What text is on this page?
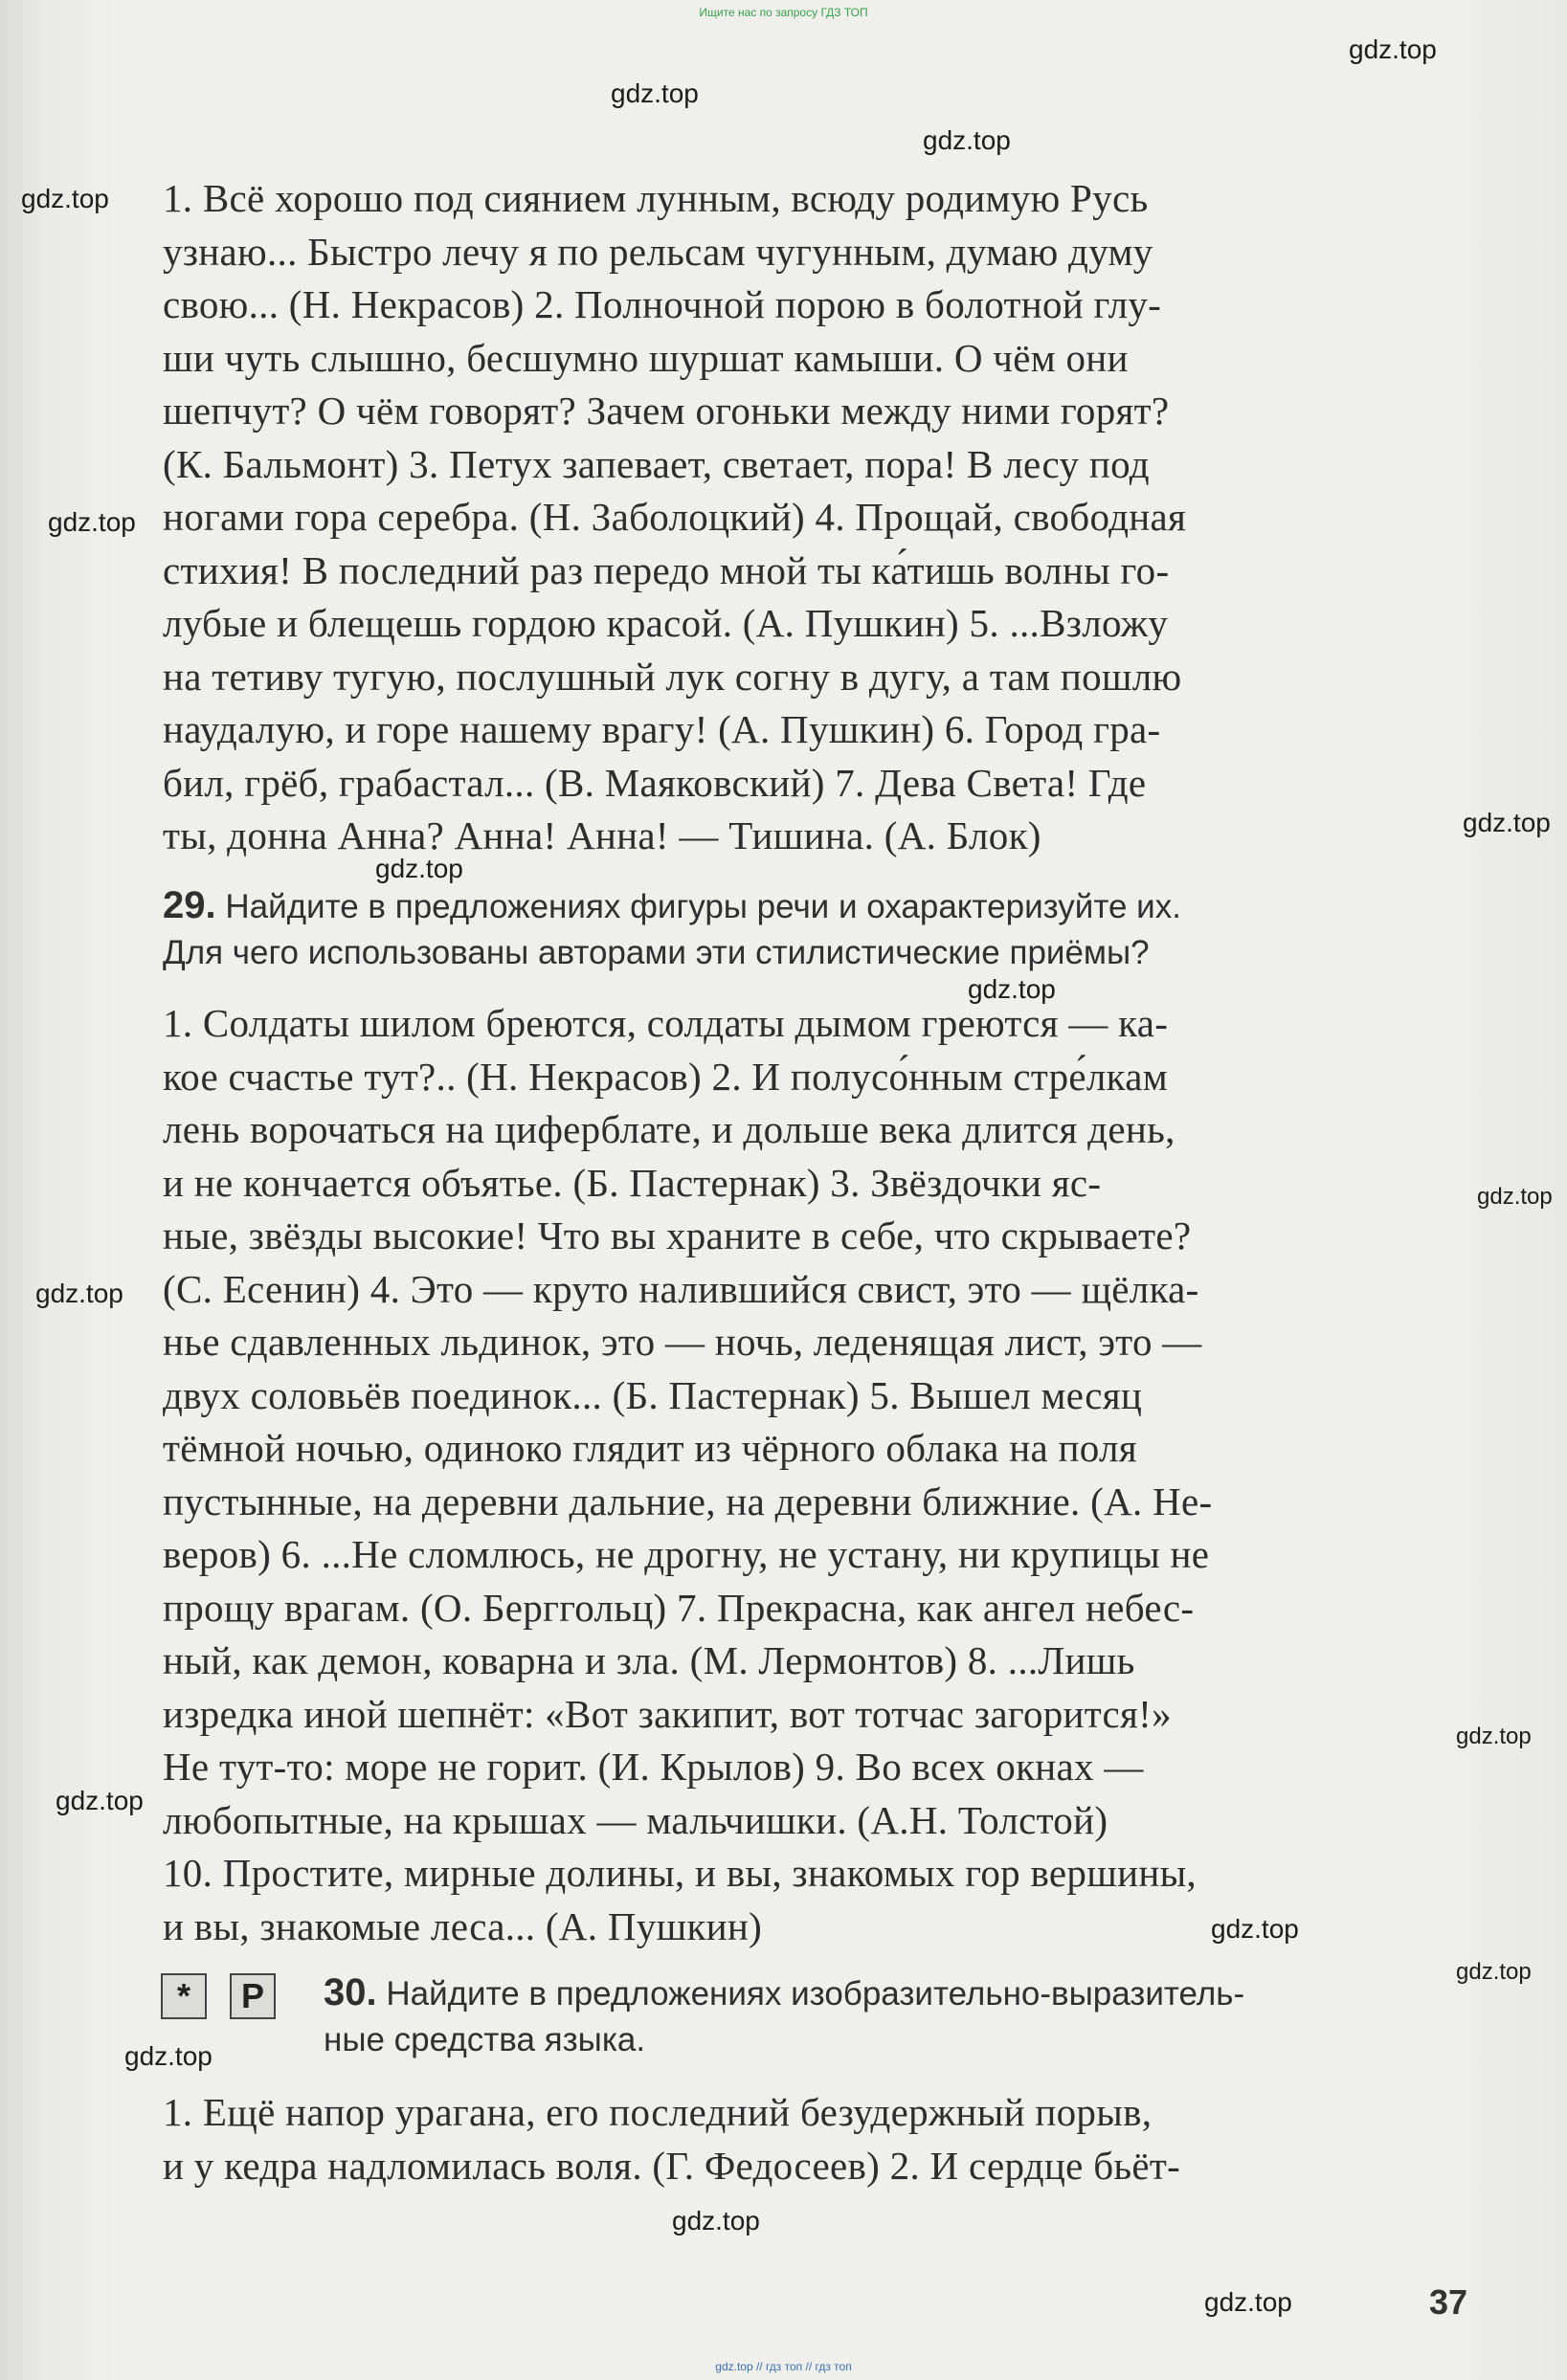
Ищите нас по запросу ГДЗ ТОП
gdz.top
gdz.top
gdz.top
gdz.top
gdz.top
gdz.top
gdz.top
gdz.top
gdz.top
gdz.top
gdz.top
gdz.top
gdz.top
gdz.top
gdz.top
gdz.top
gdz.top
1. Всё хорошо под сиянием лунным, всюду родимую Русь
узнаю... Быстро лечу я по рельсам чугунным, думаю думу
свою... (Н. Некрасов) 2. Полночной порою в болотной глу-
ши чуть слышно, бесшумно шуршат камыши. О чём они
шепчут? О чём говорят? Зачем огоньки между ними горят?
(К. Бальмонт) 3. Петух запевает, светает, пора! В лесу под
ногами гора серебра. (Н. Заболоцкий) 4. Прощай, свободная
стихия! В последний раз передо мной ты ка́тишь волны го-
лубые и блещешь гордою красой. (А. Пушкин) 5. ...Взложу
на тетиву тугую, послушный лук согну в дугу, а там пошлю
наудалую, и горе нашему врагу! (А. Пушкин) 6. Город гра-
бил, грёб, грабастал... (В. Маяковский) 7. Дева Света! Где
ты, донна Анна? Анна! Анна! — Тишина. (А. Блок)
29. Найдите в предложениях фигуры речи и охарактеризуйте их.
Для чего использованы авторами эти стилистические приёмы?
1. Солдаты шилом бреются, солдаты дымом греются — ка-
кое счастье тут?.. (Н. Некрасов) 2. И полусо́нным стре́лкам
лень ворочаться на циферблате, и дольше века длится день,
и не кончается объятье. (Б. Пастернак) 3. Звёздочки яс-
ные, звёзды высокие! Что вы храните в себе, что скрываете?
(С. Есенин) 4. Это — круто налившийся свист, это — щёлка-
нье сдавленных льдинок, это — ночь, леденящая лист, это —
двух соловьёв поединок... (Б. Пастернак) 5. Вышел месяц
тёмной ночью, одиноко глядит из чёрного облака на поля
пустынные, на деревни дальние, на деревни ближние. (А. Не-
веров) 6. ...Не сломлюсь, не дрогну, не устану, ни крупицы не
прощу врагам. (О. Берггольц) 7. Прекрасна, как ангел небес-
ный, как демон, коварна и зла. (М. Лермонтов) 8. ...Лишь
изредка иной шепнёт: «Вот закипит, вот тотчас загорится!»
Не тут-то: море не горит. (И. Крылов) 9. Во всех окнах —
любопытные, на крышах — мальчишки. (А.Н. Толстой)
10. Простите, мирные долины, и вы, знакомых гор вершины,
и вы, знакомые леса... (А. Пушкин)
*	Р	30. Найдите в предложениях изобразительно-выразитель-
ные средства языка.
1. Ещё напор урагана, его последний безудержный порыв,
и у кедра надломилась воля. (Г. Федосеев) 2. И сердце бьёт-
37
gdz.top // гдз топ // гдз топ
